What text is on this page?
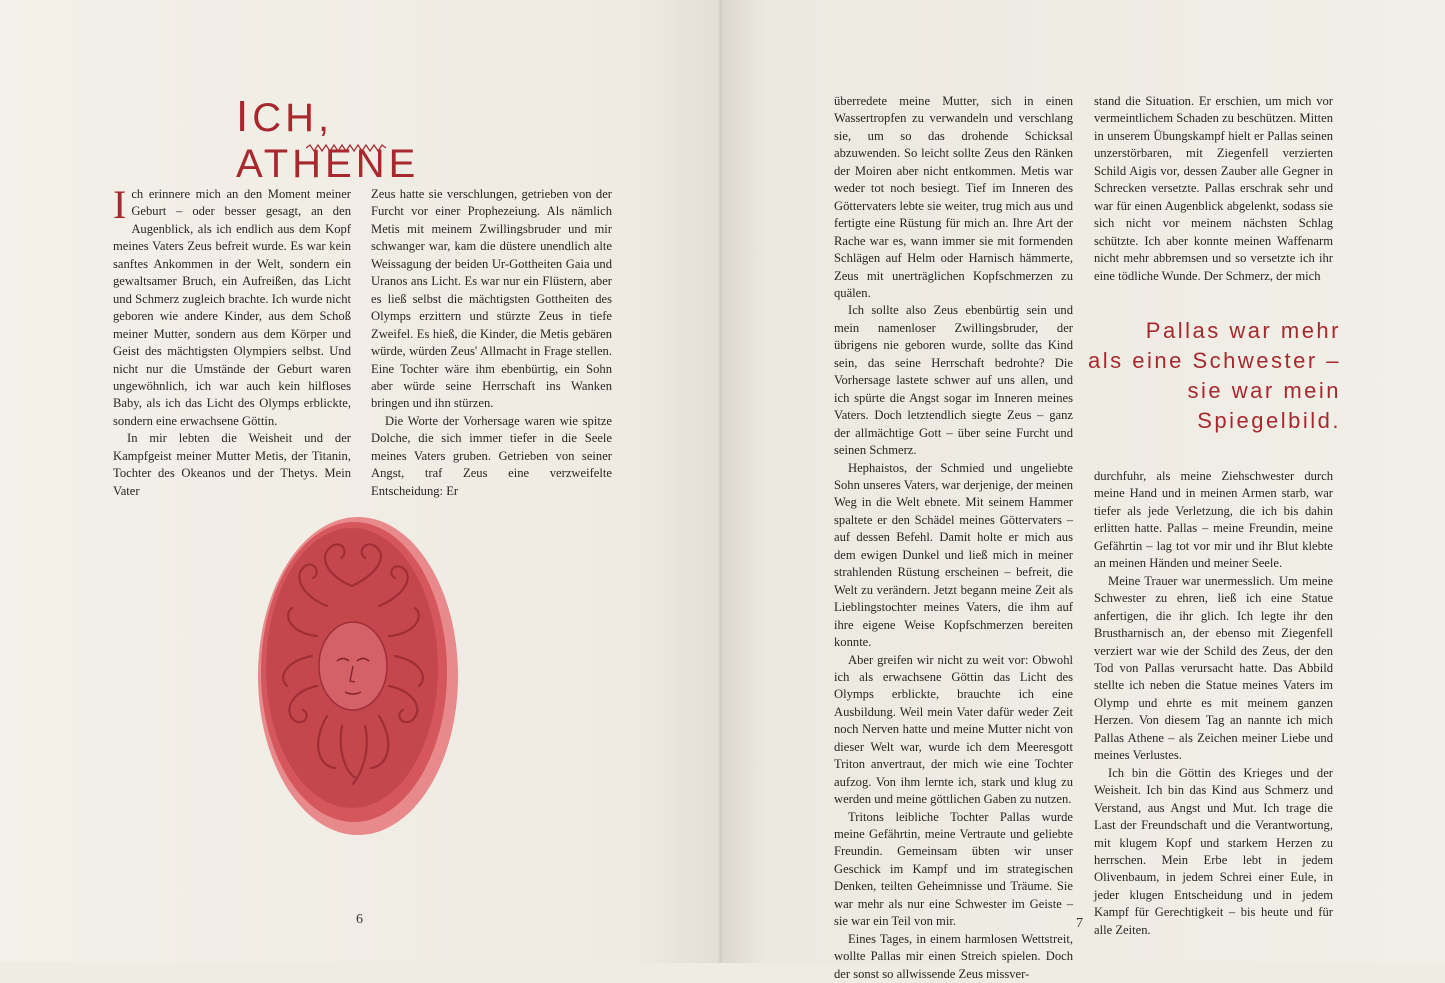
ICH, ATHENE

Ich erinnere mich an den Moment meiner Geburt – oder besser gesagt, an den Augenblick, als ich endlich aus dem Kopf meines Vaters Zeus befreit wurde. Es war kein sanftes Ankommen in der Welt, sondern ein gewaltsamer Bruch, ein Aufreißen, das Licht und Schmerz zugleich brachte. Ich wurde nicht geboren wie andere Kinder, aus dem Schoß meiner Mutter, sondern aus dem Körper und Geist des mächtigsten Olympiers selbst. Und nicht nur die Umstände der Geburt waren ungewöhnlich, ich war auch kein hilfloses Baby, als ich das Licht des Olymps erblickte, sondern eine erwachsene Göttin.

In mir lebten die Weisheit und der Kampfgeist meiner Mutter Metis, der Titanin, Tochter des Okeanos und der Thetys. Mein Vater

Zeus hatte sie verschlungen, getrieben von der Furcht vor einer Prophezeiung. Als nämlich Metis mit meinem Zwillingsbruder und mir schwanger war, kam die düstere unendlich alte Weissagung der beiden Ur-Gottheiten Gaia und Uranos ans Licht. Es war nur ein Flüstern, aber es ließ selbst die mächtigsten Gottheiten des Olymps erzittern und stürzte Zeus in tiefe Zweifel. Es hieß, die Kinder, die Metis gebären würde, würden Zeus' Allmacht in Frage stellen. Eine Tochter wäre ihm ebenbürtig, ein Sohn aber würde seine Herrschaft ins Wanken bringen und ihn stürzen.

Die Worte der Vorhersage waren wie spitze Dolche, die sich immer tiefer in die Seele meines Vaters gruben. Getrieben von seiner Angst, traf Zeus eine verzweifelte Entscheidung: Er

6

überredete meine Mutter, sich in einen Wassertropfen zu verwandeln und verschlang sie, um so das drohende Schicksal abzuwenden. So leicht sollte Zeus den Ränken der Moiren aber nicht entkommen. Metis war weder tot noch besiegt. Tief im Inneren des Göttervaters lebte sie weiter, trug mich aus und fertigte eine Rüstung für mich an. Ihre Art der Rache war es, wann immer sie mit formenden Schlägen auf Helm oder Harnisch hämmerte, Zeus mit unerträglichen Kopfschmerzen zu quälen.

Ich sollte also Zeus ebenbürtig sein und mein namenloser Zwillingsbruder, der übrigens nie geboren wurde, sollte das Kind sein, das seine Herrschaft bedrohte? Die Vorhersage lastete schwer auf uns allen, und ich spürte die Angst sogar im Inneren meines Vaters. Doch letztendlich siegte Zeus – ganz der allmächtige Gott – über seine Furcht und seinen Schmerz.

Hephaistos, der Schmied und ungeliebte Sohn unseres Vaters, war derjenige, der meinen Weg in die Welt ebnete. Mit seinem Hammer spaltete er den Schädel meines Göttervaters – auf dessen Befehl. Damit holte er mich aus dem ewigen Dunkel und ließ mich in meiner strahlenden Rüstung erscheinen – befreit, die Welt zu verändern. Jetzt begann meine Zeit als Lieblingstochter meines Vaters, die ihm auf ihre eigene Weise Kopfschmerzen bereiten konnte.

Aber greifen wir nicht zu weit vor: Obwohl ich als erwachsene Göttin das Licht des Olymps erblickte, brauchte ich eine Ausbildung. Weil mein Vater dafür weder Zeit noch Nerven hatte und meine Mutter nicht von dieser Welt war, wurde ich dem Meeresgott Triton anvertraut, der mich wie eine Tochter aufzog. Von ihm lernte ich, stark und klug zu werden und meine göttlichen Gaben zu nutzen.

Tritons leibliche Tochter Pallas wurde meine Gefährtin, meine Vertraute und geliebte Freundin. Gemeinsam übten wir unser Geschick im Kampf und im strategischen Denken, teilten Geheimnisse und Träume. Sie war mehr als nur eine Schwester im Geiste – sie war ein Teil von mir.

Eines Tages, in einem harmlosen Wettstreit, wollte Pallas mir einen Streich spielen. Doch der sonst so allwissende Zeus missver-

stand die Situation. Er erschien, um mich vor vermeintlichem Schaden zu beschützen. Mitten in unserem Übungskampf hielt er Pallas seinen unzerstörbaren, mit Ziegenfell verzierten Schild Aigis vor, dessen Zauber alle Gegner in Schrecken versetzte. Pallas erschrak sehr und war für einen Augenblick abgelenkt, sodass sie sich nicht vor meinem nächsten Schlag schützte. Ich aber konnte meinen Waffenarm nicht mehr abbremsen und so versetzte ich ihr eine tödliche Wunde. Der Schmerz, der mich

Pallas war mehr
als eine Schwester –
sie war mein
Spiegelbild.

durchfuhr, als meine Ziehschwester durch meine Hand und in meinen Armen starb, war tiefer als jede Verletzung, die ich bis dahin erlitten hatte. Pallas – meine Freundin, meine Gefährtin – lag tot vor mir und ihr Blut klebte an meinen Händen und meiner Seele.

Meine Trauer war unermesslich. Um meine Schwester zu ehren, ließ ich eine Statue anfertigen, die ihr glich. Ich legte ihr den Brustharnisch an, der ebenso mit Ziegenfell verziert war wie der Schild des Zeus, der den Tod von Pallas verursacht hatte. Das Abbild stellte ich neben die Statue meines Vaters im Olymp und ehrte es mit meinem ganzen Herzen. Von diesem Tag an nannte ich mich Pallas Athene – als Zeichen meiner Liebe und meines Verlustes.

Ich bin die Göttin des Krieges und der Weisheit. Ich bin das Kind aus Schmerz und Verstand, aus Angst und Mut. Ich trage die Last der Freundschaft und die Verantwortung, mit klugem Kopf und starkem Herzen zu herrschen. Mein Erbe lebt in jedem Olivenbaum, in jedem Schrei einer Eule, in jeder klugen Entscheidung und in jedem Kampf für Gerechtigkeit – bis heute und für alle Zeiten.

7
